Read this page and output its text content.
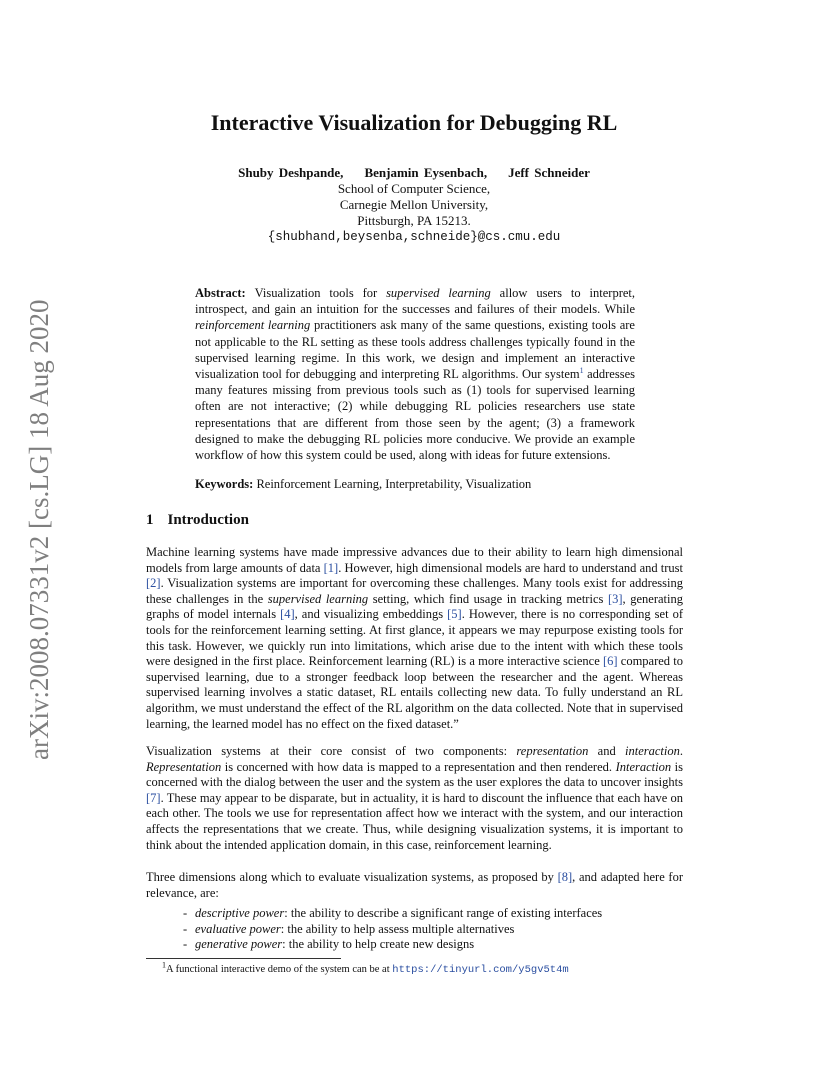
arXiv:2008.07331v2 [cs.LG] 18 Aug 2020
Interactive Visualization for Debugging RL
Shuby Deshpande, Benjamin Eysenbach, Jeff Schneider
School of Computer Science,
Carnegie Mellon University,
Pittsburgh, PA 15213.
{shubhand,beysenba,schneide}@cs.cmu.edu

Abstract: Visualization tools for supervised learning allow users to interpret, introspect, and gain an intuition for the successes and failures of their models. While reinforcement learning practitioners ask many of the same questions, existing tools are not applicable to the RL setting as these tools address challenges typically found in the supervised learning regime. In this work, we design and implement an interactive visualization tool for debugging and interpreting RL algorithms. Our system$^1$ addresses many features missing from previous tools such as (1) tools for supervised learning often are not interactive; (2) while debugging RL policies researchers use state representations that are different from those seen by the agent; (3) a framework designed to make the debugging RL policies more conducive. We provide an example workflow of how this system could be used, along with ideas for future extensions.

Keywords: Reinforcement Learning, Interpretability, Visualization

1 Introduction

Machine learning systems have made impressive advances due to their ability to learn high dimensional models from large amounts of data [1]. However, high dimensional models are hard to understand and trust [2]. Visualization systems are important for overcoming these challenges. Many tools exist for addressing these challenges in the supervised learning setting, which find usage in tracking metrics [3], generating graphs of model internals [4], and visualizing embeddings [5]. However, there is no corresponding set of tools for the reinforcement learning setting. At first glance, it appears we may repurpose existing tools for this task. However, we quickly run into limitations, which arise due to the intent with which these tools were designed in the first place. Reinforcement learning (RL) is a more interactive science [6] compared to supervised learning, due to a stronger feedback loop between the researcher and the agent. Whereas supervised learning involves a static dataset, RL entails collecting new data. To fully understand an RL algorithm, we must understand the effect of the RL algorithm on the data collected. Note that in supervised learning, the learned model has no effect on the fixed dataset.”

Visualization systems at their core consist of two components: representation and interaction. Representation is concerned with how data is mapped to a representation and then rendered. Interaction is concerned with the dialog between the user and the system as the user explores the data to uncover insights [7]. These may appear to be disparate, but in actuality, it is hard to discount the influence that each have on each other. The tools we use for representation affect how we interact with the system, and our interaction affects the representations that we create. Thus, while designing visualization systems, it is important to think about the intended application domain, in this case, reinforcement learning.

Three dimensions along which to evaluate visualization systems, as proposed by [8], and adapted here for relevance, are:

- descriptive power: the ability to describe a significant range of existing interfaces
- evaluative power: the ability to help assess multiple alternatives
- generative power: the ability to help create new designs

$^1$A functional interactive demo of the system can be at https://tinyurl.com/y5gv5t4m
